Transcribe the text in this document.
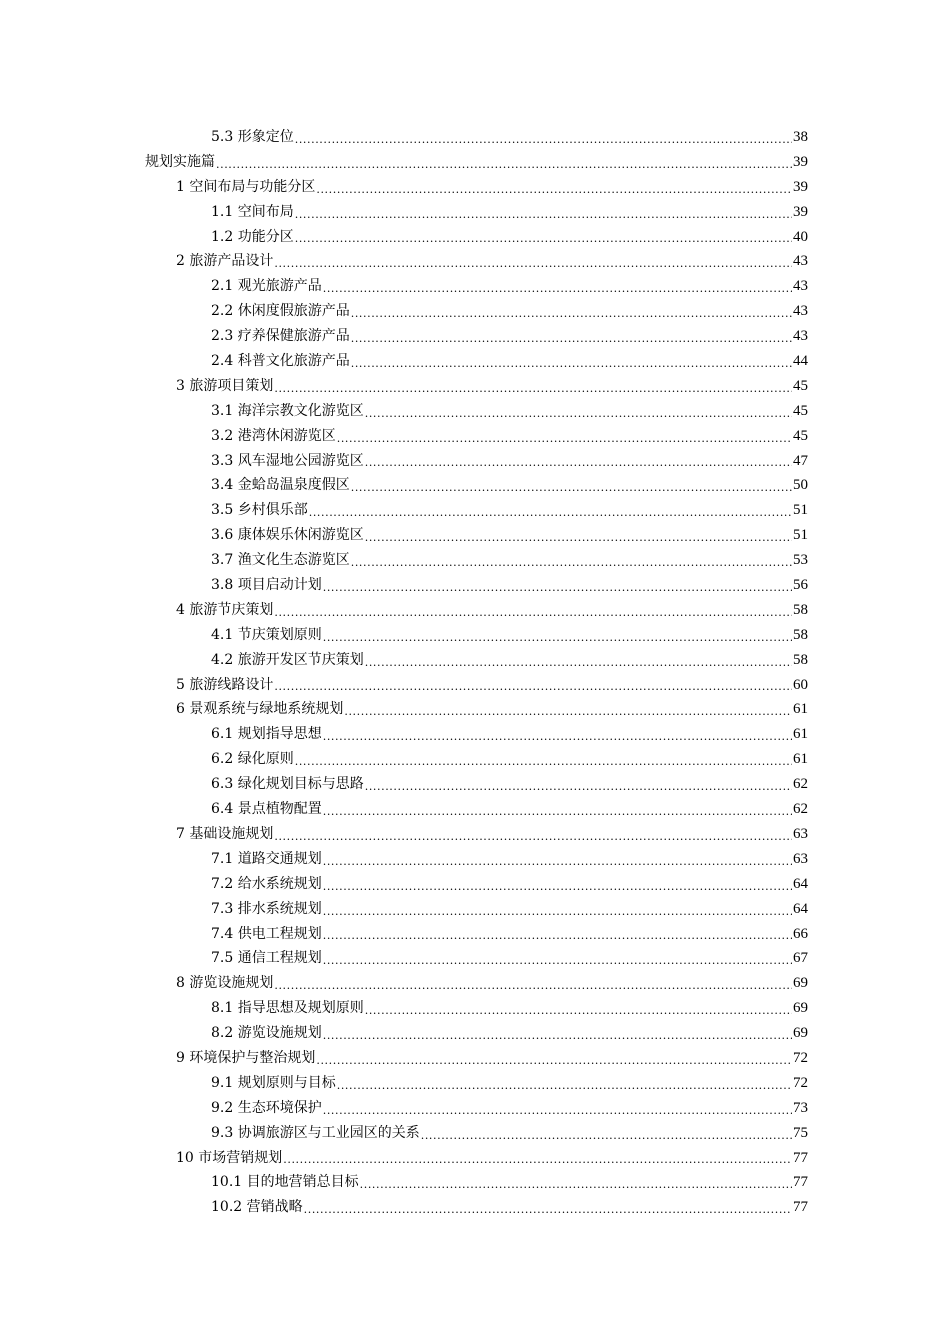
5.3 形象定位 .....	38
规划实施篇 .....	39
1 空间布局与功能分区 .....	39
1.1 空间布局 .....	39
1.2 功能分区 .....	40
2 旅游产品设计 .....	43
2.1 观光旅游产品 .....	43
2.2 休闲度假旅游产品 .....	43
2.3 疗养保健旅游产品 .....	43
2.4 科普文化旅游产品 .....	44
3 旅游项目策划 .....	45
3.1 海洋宗教文化游览区 .....	45
3.2 港湾休闲游览区 .....	45
3.3 风车湿地公园游览区 .....	47
3.4 金蛤岛温泉度假区 .....	50
3.5 乡村俱乐部 .....	51
3.6 康体娱乐休闲游览区 .....	51
3.7 渔文化生态游览区 .....	53
3.8 项目启动计划 .....	56
4 旅游节庆策划 .....	58
4.1 节庆策划原则 .....	58
4.2 旅游开发区节庆策划 .....	58
5 旅游线路设计 .....	60
6 景观系统与绿地系统规划 .....	61
6.1 规划指导思想 .....	61
6.2 绿化原则 .....	61
6.3 绿化规划目标与思路 .....	62
6.4 景点植物配置 .....	62
7 基础设施规划 .....	63
7.1 道路交通规划 .....	63
7.2 给水系统规划 .....	64
7.3 排水系统规划 .....	64
7.4 供电工程规划 .....	66
7.5 通信工程规划 .....	67
8 游览设施规划 .....	69
8.1 指导思想及规划原则 .....	69
8.2 游览设施规划 .....	69
9 环境保护与整治规划 .....	72
9.1 规划原则与目标 .....	72
9.2 生态环境保护 .....	73
9.3 协调旅游区与工业园区的关系 .....	75
10 市场营销规划 .....	77
10.1 目的地营销总目标 .....	77
10.2 营销战略 .....	77
